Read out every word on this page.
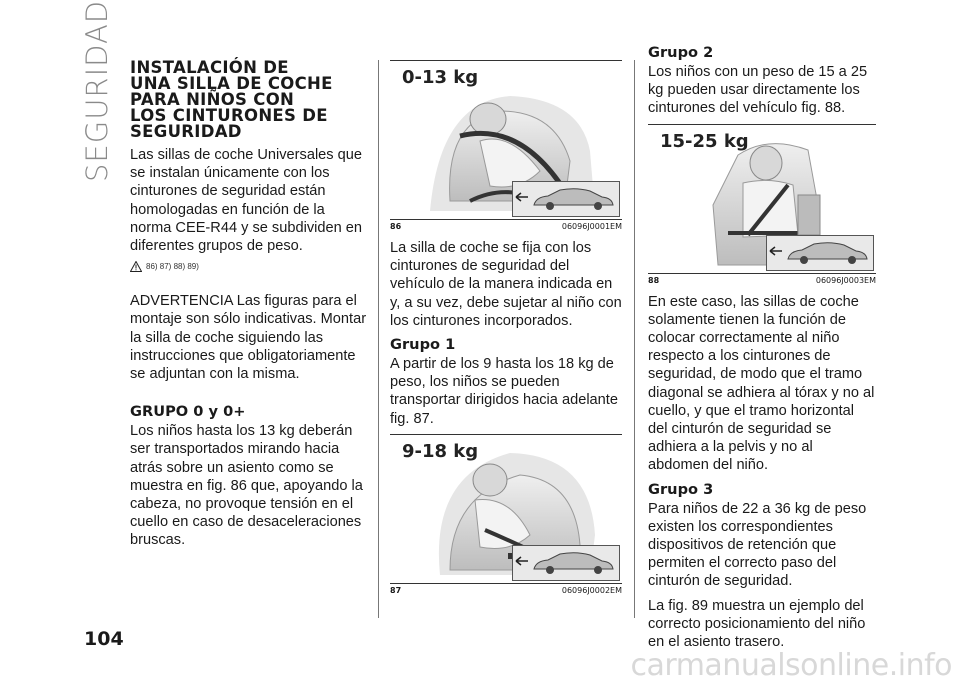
SEGURIDAD INSTALACIÓN DE
UNA SILLA DE COCHE
PARA NIÑOS CON
LOS CINTURONES DE
SEGURIDAD

Las sillas de coche Universales que se instalan únicamente con los cinturones de seguridad están homologadas en función de la norma CEE-R44 y se subdividen en diferentes grupos de peso.

86) 87) 88) 89)

ADVERTENCIA Las figuras para el montaje son sólo indicativas. Montar la silla de coche siguiendo las instrucciones que obligatoriamente se adjuntan con la misma.

GRUPO 0 y 0+

Los niños hasta los 13 kg deberán ser transportados mirando hacia atrás sobre un asiento como se muestra en fig. 86 que, apoyando la cabeza, no provoque tensión en el cuello en caso de desaceleraciones bruscas.

0-13 kg
86	06096J0001EM

La silla de coche se fija con los cinturones de seguridad del vehículo de la manera indicada en y, a su vez, debe sujetar al niño con los cinturones incorporados.

Grupo 1

A partir de los 9 hasta los 18 kg de peso, los niños se pueden transportar dirigidos hacia adelante fig. 87.

9-18 kg
87	06096J0002EM
Grupo 2

Los niños con un peso de 15 a 25 kg pueden usar directamente los cinturones del vehículo fig. 88.

15-25 kg
88	06096J0003EM

En este caso, las sillas de coche solamente tienen la función de colocar correctamente al niño respecto a los cinturones de seguridad, de modo que el tramo diagonal se adhiera al tórax y no al cuello, y que el tramo horizontal del cinturón de seguridad se adhiera a la pelvis y no al abdomen del niño.

Grupo 3

Para niños de 22 a 36 kg de peso existen los correspondientes dispositivos de retención que permiten el correcto paso del cinturón de seguridad.

La fig. 89 muestra un ejemplo del correcto posicionamiento del niño en el asiento trasero.

104
carmanualsonline.info
